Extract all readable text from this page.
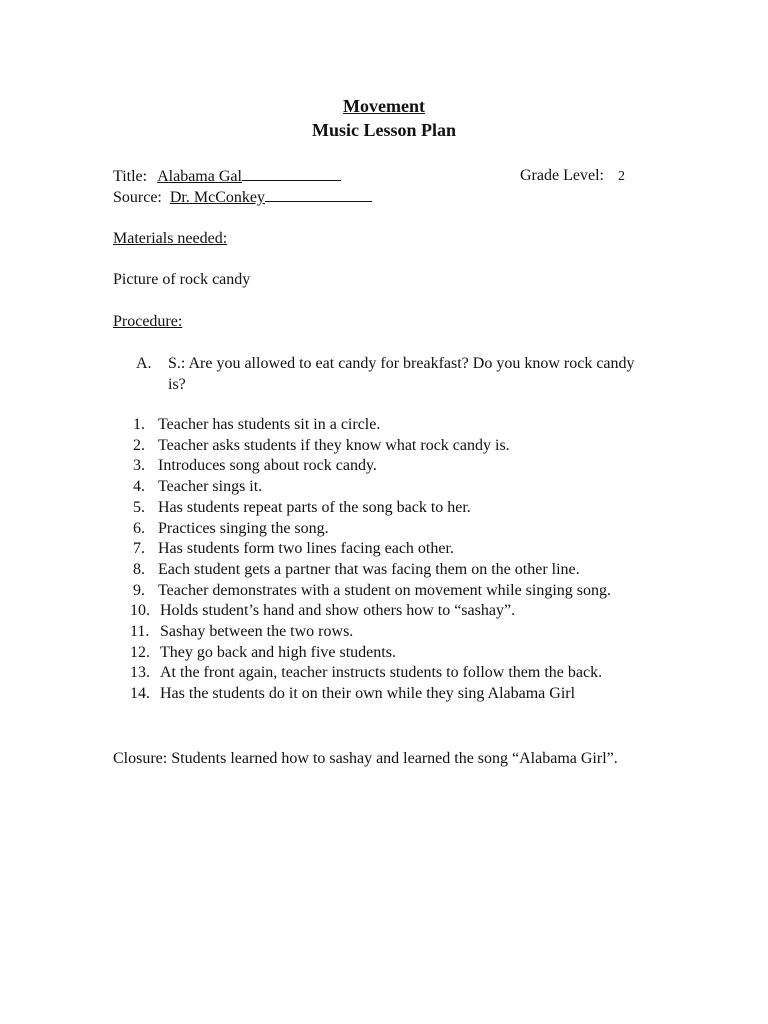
Movement
Music Lesson Plan
Title: Alabama Gal	Grade Level: 2
Source: Dr. McConkey
Materials needed:
Picture of rock candy
Procedure:
A. S.: Are you allowed to eat candy for breakfast? Do you know rock candy is?
1. Teacher has students sit in a circle.
2. Teacher asks students if they know what rock candy is.
3. Introduces song about rock candy.
4. Teacher sings it.
5. Has students repeat parts of the song back to her.
6. Practices singing the song.
7. Has students form two lines facing each other.
8. Each student gets a partner that was facing them on the other line.
9. Teacher demonstrates with a student on movement while singing song.
10. Holds student’s hand and show others how to “sashay”.
11. Sashay between the two rows.
12. They go back and high five students.
13. At the front again, teacher instructs students to follow them the back.
14. Has the students do it on their own while they sing Alabama Girl
Closure: Students learned how to sashay and learned the song “Alabama Girl”.
